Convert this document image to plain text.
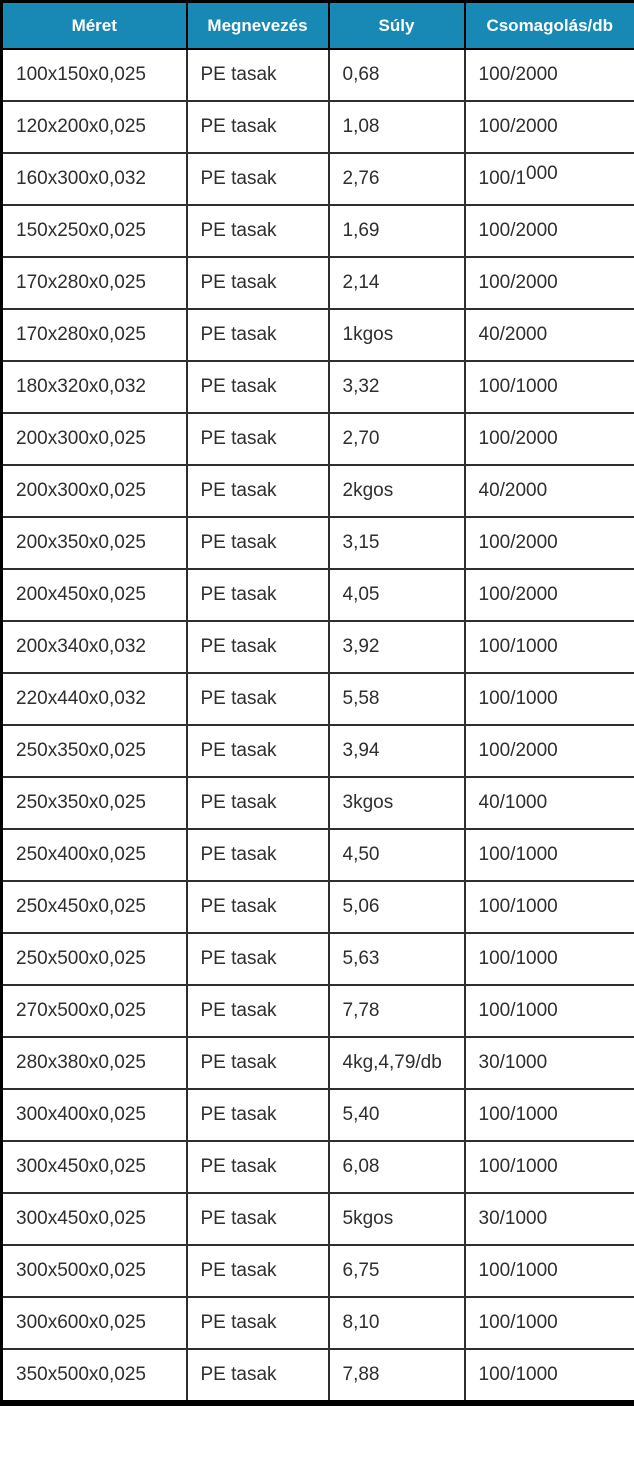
Méret	Megnevezés	Súly	Csomagolás/db
100x150x0,025	PE tasak	0,68	100/2000
120x200x0,025	PE tasak	1,08	100/2000
160x300x0,032	PE tasak	2,76	100/1000
150x250x0,025	PE tasak	1,69	100/2000
170x280x0,025	PE tasak	2,14	100/2000
170x280x0,025	PE tasak	1kgos	40/2000
180x320x0,032	PE tasak	3,32	100/1000
200x300x0,025	PE tasak	2,70	100/2000
200x300x0,025	PE tasak	2kgos	40/2000
200x350x0,025	PE tasak	3,15	100/2000
200x450x0,025	PE tasak	4,05	100/2000
200x340x0,032	PE tasak	3,92	100/1000
220x440x0,032	PE tasak	5,58	100/1000
250x350x0,025	PE tasak	3,94	100/2000
250x350x0,025	PE tasak	3kgos	40/1000
250x400x0,025	PE tasak	4,50	100/1000
250x450x0,025	PE tasak	5,06	100/1000
250x500x0,025	PE tasak	5,63	100/1000
270x500x0,025	PE tasak	7,78	100/1000
280x380x0,025	PE tasak	4kg,4,79/db	30/1000
300x400x0,025	PE tasak	5,40	100/1000
300x450x0,025	PE tasak	6,08	100/1000
300x450x0,025	PE tasak	5kgos	30/1000
300x500x0,025	PE tasak	6,75	100/1000
300x600x0,025	PE tasak	8,10	100/1000
350x500x0,025	PE tasak	7,88	100/1000
